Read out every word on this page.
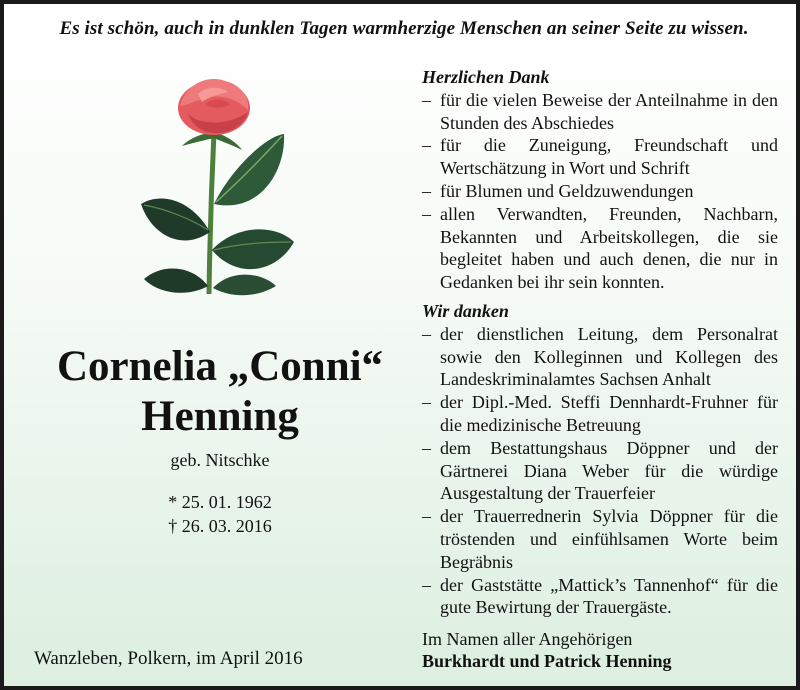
Es ist schön, auch in dunklen Tagen warmherzige Menschen an seiner Seite zu wissen.
Cornelia „Conni“
Henning
geb. Nitschke
* 25. 01. 1962
† 26. 03. 2016
Wanzleben, Polkern, im April 2016
Herzlichen Dank
– für die vielen Beweise der Anteilnahme in den Stunden des Abschiedes
– für die Zuneigung, Freundschaft und Wertschätzung in Wort und Schrift
– für Blumen und Geldzuwendungen
– allen Verwandten, Freunden, Nachbarn, Bekannten und Arbeitskollegen, die sie begleitet haben und auch denen, die nur in Gedanken bei ihr sein konnten.
Wir danken
– der dienstlichen Leitung, dem Personalrat sowie den Kolleginnen und Kollegen des Landeskriminalamtes Sachsen Anhalt
– der Dipl.-Med. Steffi Dennhardt-Fruhner für die medizinische Betreuung
– dem Bestattungshaus Döppner und der Gärtnerei Diana Weber für die würdige Ausgestaltung der Trauerfeier
– der Trauerrednerin Sylvia Döppner für die tröstenden und einfühlsamen Worte beim Begräbnis
– der Gaststätte „Mattick’s Tannenhof“ für die gute Bewirtung der Trauergäste.
Im Namen aller Angehörigen
Burkhardt und Patrick Henning
